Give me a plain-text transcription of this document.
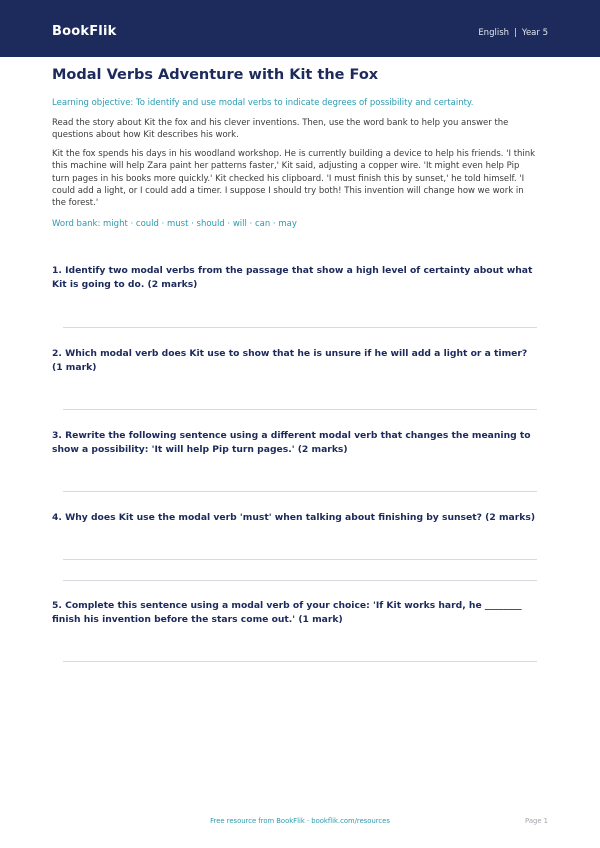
BookFlik	English | Year 5
Modal Verbs Adventure with Kit the Fox

Learning objective: To identify and use modal verbs to indicate degrees of possibility and certainty.

Read the story about Kit the fox and his clever inventions. Then, use the word bank to help you answer the questions about how Kit describes his work.

Kit the fox spends his days in his woodland workshop. He is currently building a device to help his friends. 'I think this machine will help Zara paint her patterns faster,' Kit said, adjusting a copper wire. 'It might even help Pip turn pages in his books more quickly.' Kit checked his clipboard. 'I must finish this by sunset,' he told himself. 'I could add a light, or I could add a timer. I suppose I should try both! This invention will change how we work in the forest.'

Word bank: might · could · must · should · will · can · may

1. Identify two modal verbs from the passage that show a high level of certainty about what Kit is going to do. (2 marks)
2. Which modal verb does Kit use to show that he is unsure if he will add a light or a timer? (1 mark)
3. Rewrite the following sentence using a different modal verb that changes the meaning to show a possibility: 'It will help Pip turn pages.' (2 marks)
4. Why does Kit use the modal verb 'must' when talking about finishing by sunset? (2 marks)
5. Complete this sentence using a modal verb of your choice: 'If Kit works hard, he ________ finish his invention before the stars come out.' (1 mark)
Free resource from BookFlik · bookflik.com/resources	Page 1
